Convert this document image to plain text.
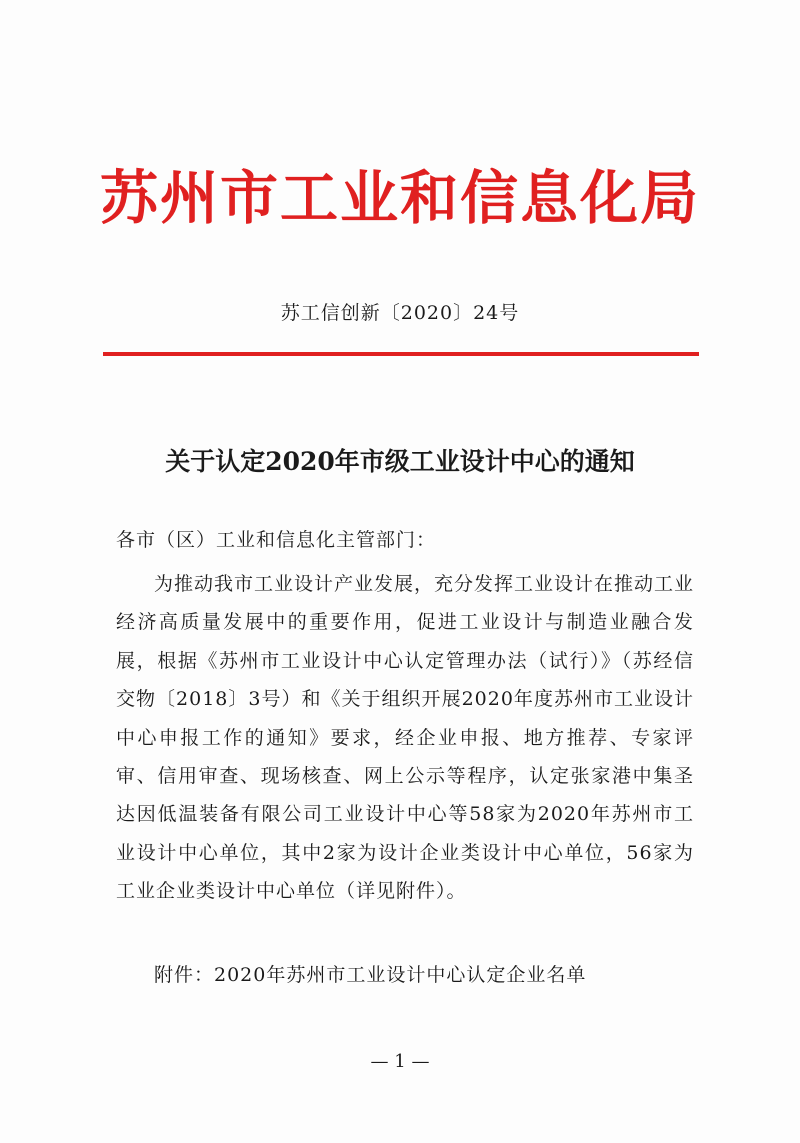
苏州市工业和信息化局
苏工信创新〔2020〕24号
关于认定2020年市级工业设计中心的通知
各市（区）工业和信息化主管部门：

为推动我市工业设计产业发展，充分发挥工业设计在推动工业经济高质量发展中的重要作用，促进工业设计与制造业融合发展，根据《苏州市工业设计中心认定管理办法（试行）》（苏经信交物〔2018〕3号）和《关于组织开展2020年度苏州市工业设计中心申报工作的通知》要求，经企业申报、地方推荐、专家评审、信用审查、现场核查、网上公示等程序，认定张家港中集圣达因低温装备有限公司工业设计中心等58家为2020年苏州市工业设计中心单位，其中2家为设计企业类设计中心单位，56家为工业企业类设计中心单位（详见附件）。

附件：2020年苏州市工业设计中心认定企业名单
— 1 —
